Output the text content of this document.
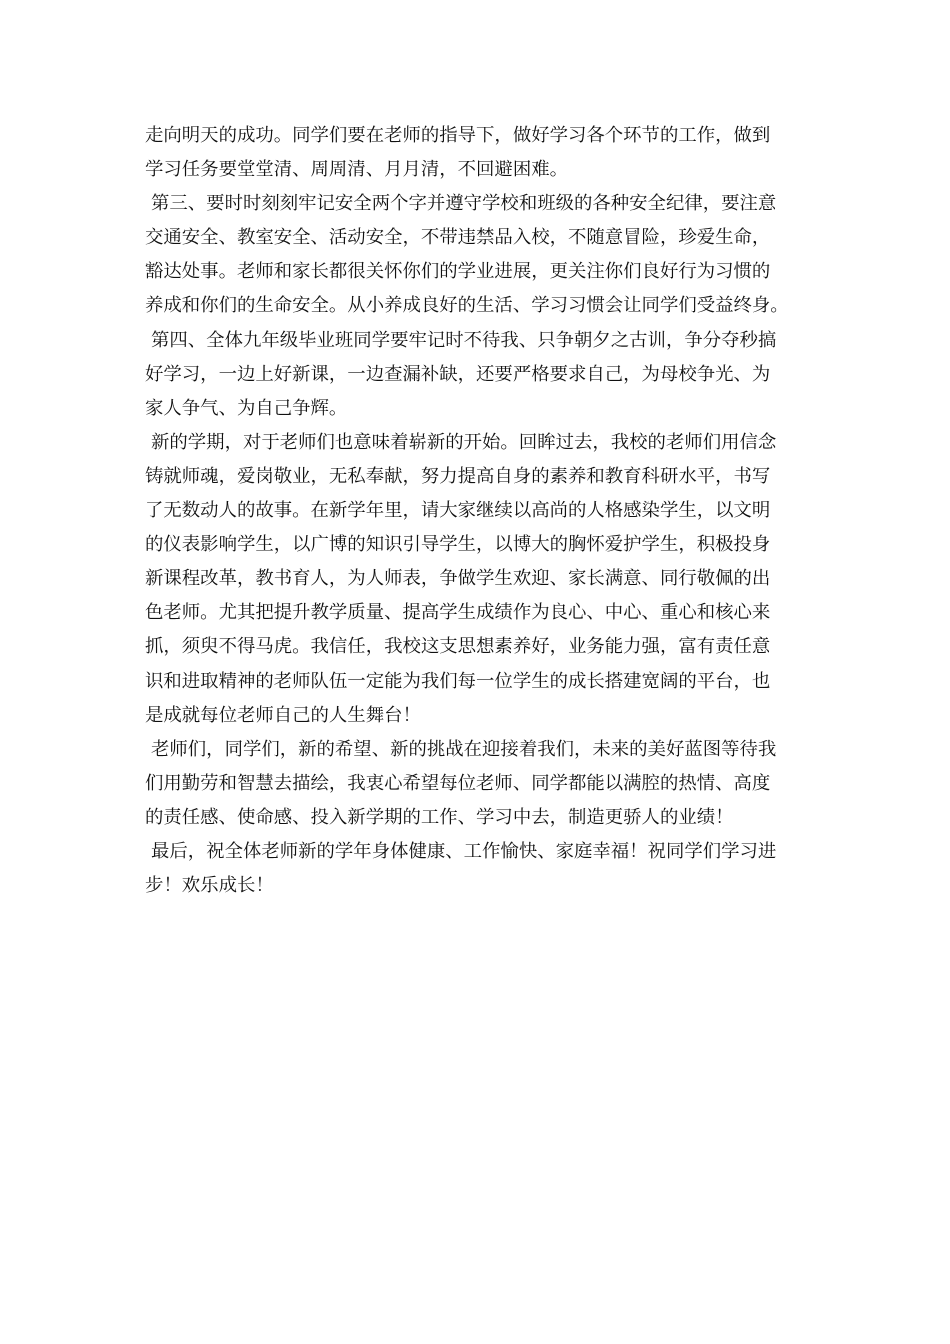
走向明天的成功。同学们要在老师的指导下，做好学习各个环节的工作，做到
学习任务要堂堂清、周周清、月月清，不回避困难。
第三、要时时刻刻牢记安全两个字并遵守学校和班级的各种安全纪律，要注意
交通安全、教室安全、活动安全，不带违禁品入校，不随意冒险，珍爱生命，
豁达处事。老师和家长都很关怀你们的学业进展，更关注你们良好行为习惯的
养成和你们的生命安全。从小养成良好的生活、学习习惯会让同学们受益终身。
第四、全体九年级毕业班同学要牢记时不待我、只争朝夕之古训，争分夺秒搞
好学习，一边上好新课，一边查漏补缺，还要严格要求自己，为母校争光、为
家人争气、为自己争辉。
新的学期，对于老师们也意味着崭新的开始。回眸过去，我校的老师们用信念
铸就师魂，爱岗敬业，无私奉献，努力提高自身的素养和教育科研水平，书写
了无数动人的故事。在新学年里，请大家继续以高尚的人格感染学生，以文明
的仪表影响学生，以广博的知识引导学生，以博大的胸怀爱护学生，积极投身
新课程改革，教书育人，为人师表，争做学生欢迎、家长满意、同行敬佩的出
色老师。尤其把提升教学质量、提高学生成绩作为良心、中心、重心和核心来
抓，须臾不得马虎。我信任，我校这支思想素养好，业务能力强，富有责任意
识和进取精神的老师队伍一定能为我们每一位学生的成长搭建宽阔的平台，也
是成就每位老师自己的人生舞台！
老师们，同学们，新的希望、新的挑战在迎接着我们，未来的美好蓝图等待我
们用勤劳和智慧去描绘，我衷心希望每位老师、同学都能以满腔的热情、高度
的责任感、使命感、投入新学期的工作、学习中去，制造更骄人的业绩！
最后，祝全体老师新的学年身体健康、工作愉快、家庭幸福！祝同学们学习进
步！欢乐成长！
